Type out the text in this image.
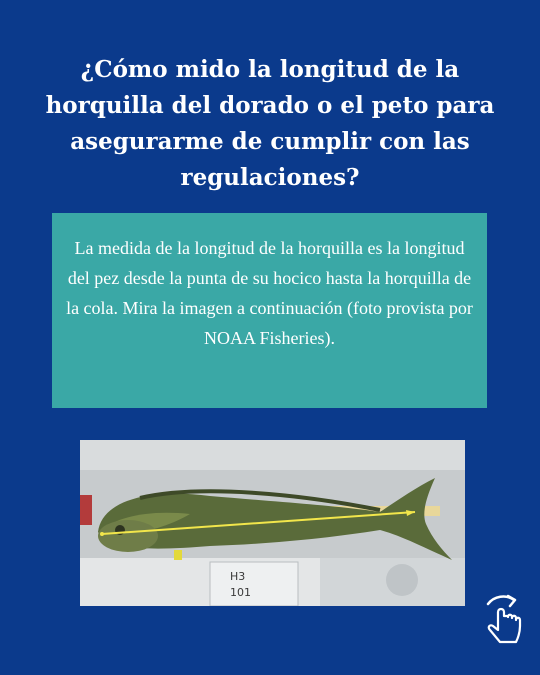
¿Cómo mido la longitud de la horquilla del dorado o el peto para asegurarme de cumplir con las regulaciones?
La medida de la longitud de la horquilla es la longitud del pez desde la punta de su hocico hasta la horquilla de la cola. Mira la imagen a continuación (foto provista por NOAA Fisheries).
H3
101
